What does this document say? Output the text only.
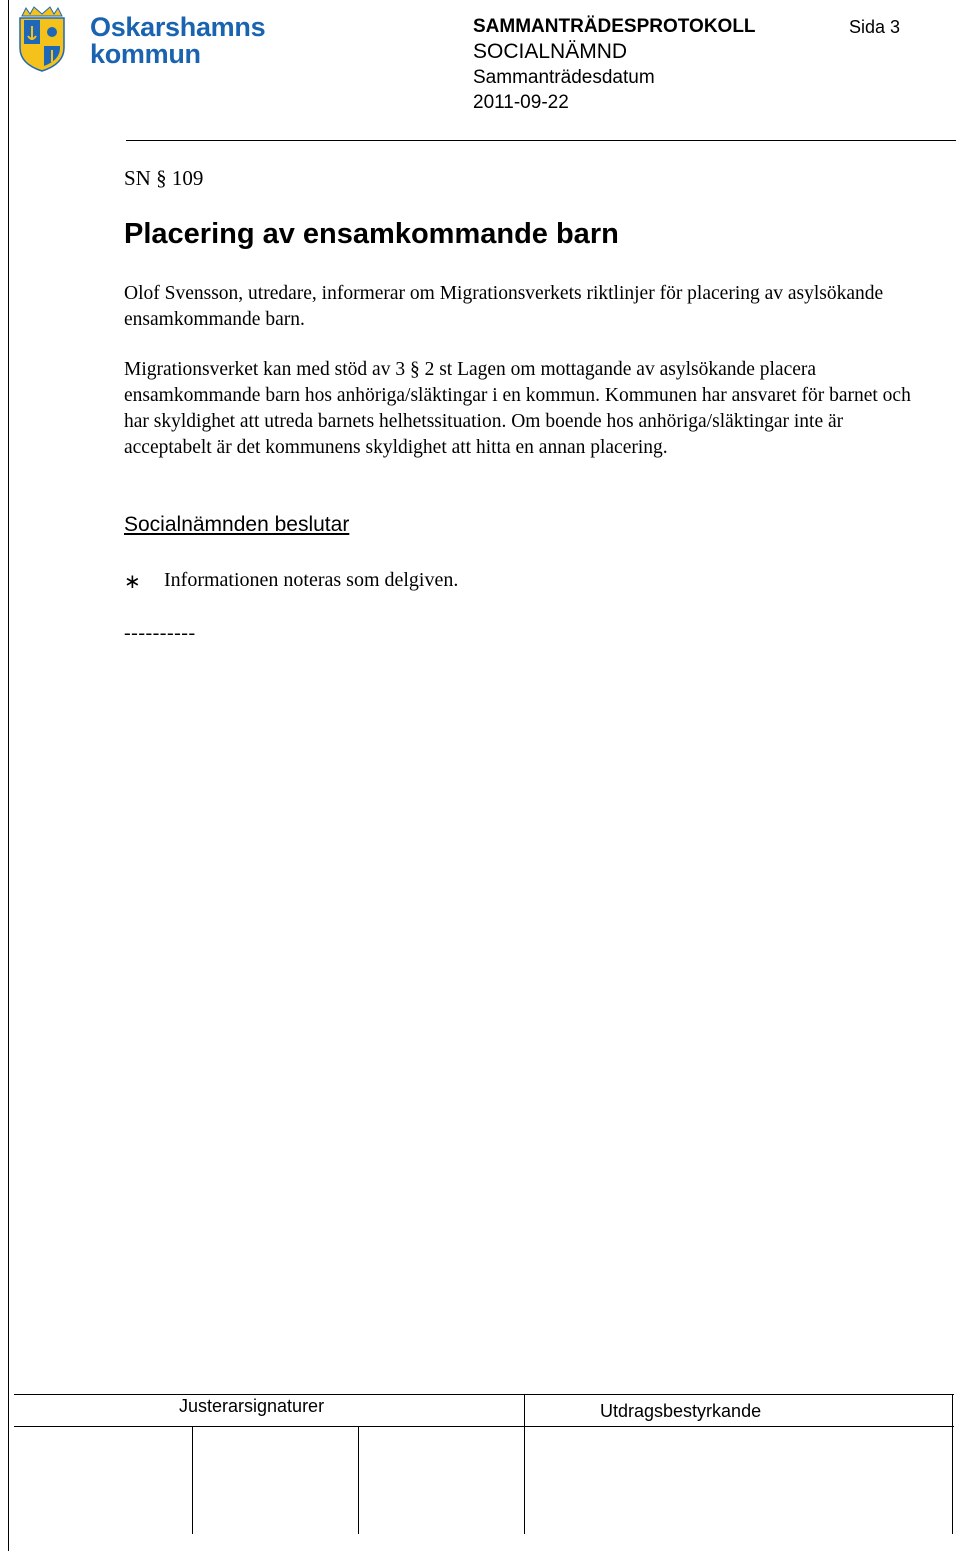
Oskarshamns
kommun
SAMMANTRÄDESPROTOKOLL	Sida 3
SOCIALNÄMND
Sammanträdesdatum
2011-09-22
SN § 109
Placering av ensamkommande barn

Olof Svensson, utredare, informerar om Migrationsverkets riktlinjer för placering av asylsökande ensamkommande barn.

Migrationsverket kan med stöd av 3 § 2 st Lagen om mottagande av asylsökande placera ensamkommande barn hos anhöriga/släktingar i en kommun. Kommunen har ansvaret för barnet och har skyldighet att utreda barnets helhetssituation. Om boende hos anhöriga/släktingar inte är acceptabelt är det kommunens skyldighet att hitta en annan placering.

Socialnämnden beslutar
∗ Informationen noteras som delgiven.
----------
Justerarsignaturer	Utdragsbestyrkande
